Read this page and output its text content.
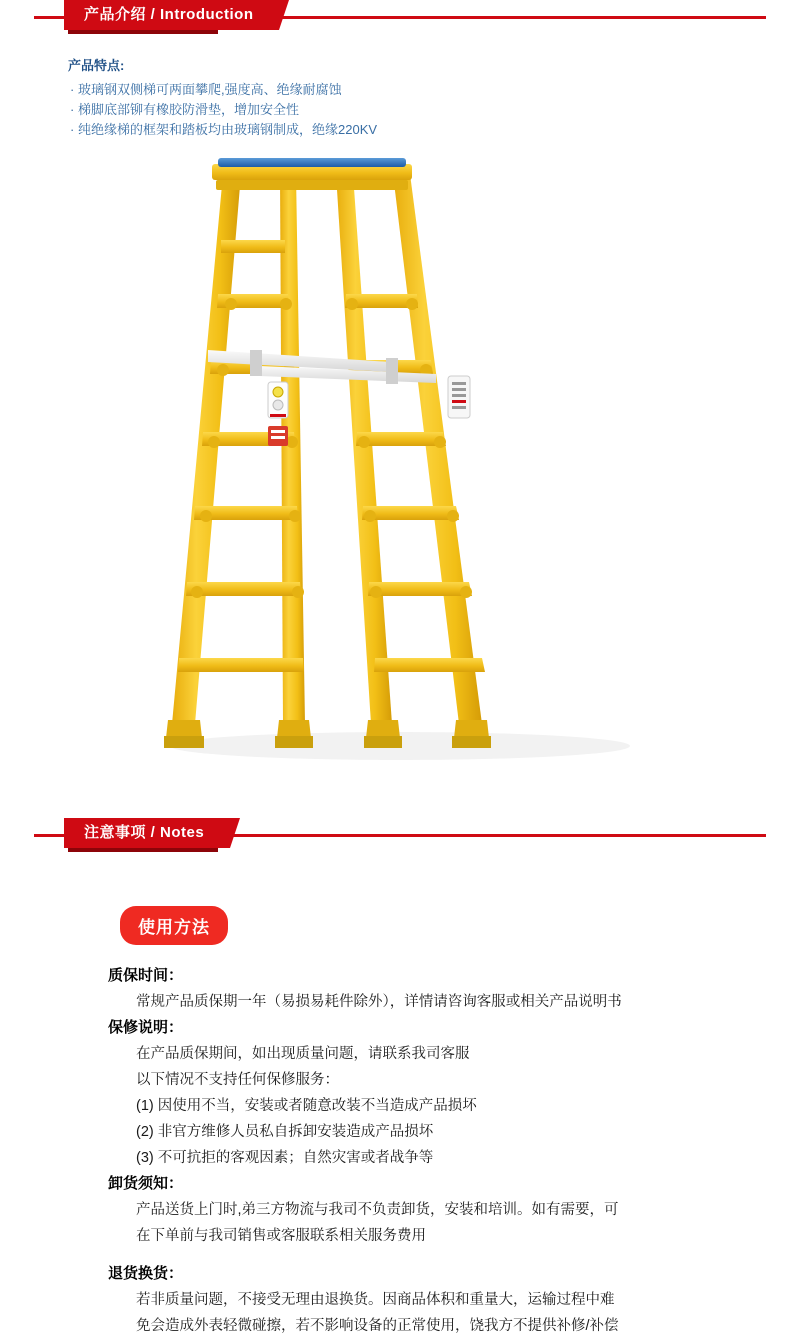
产品介绍 / Introduction
产品特点:
· 玻璃钢双侧梯可两面攀爬,强度高、绝缘耐腐蚀
· 梯脚底部铆有橡胶防滑垫，增加安全性
· 纯绝缘梯的框架和踏板均由玻璃钢制成，绝缘220KV
注意事项 / Notes
使用方法
质保时间：
常规产品质保期一年（易损易耗件除外），详情请咨询客服或相关产品说明书
保修说明：
在产品质保期间，如出现质量问题，请联系我司客服
以下情况不支持任何保修服务：
(1) 因使用不当，安装或者随意改装不当造成产品损坏
(2) 非官方维修人员私自拆卸安装造成产品损坏
(3) 不可抗拒的客观因素；自然灾害或者战争等
卸货须知：
产品送货上门时,弟三方物流与我司不负责卸货，安装和培训。如有需要，可
在下单前与我司销售或客服联系相关服务费用
退货换货：
若非质量问题，不接受无理由退换货。因商品体积和重量大，运输过程中难
免会造成外表轻微碰擦，若不影响设备的正常使用，饶我方不提供补修/补偿
